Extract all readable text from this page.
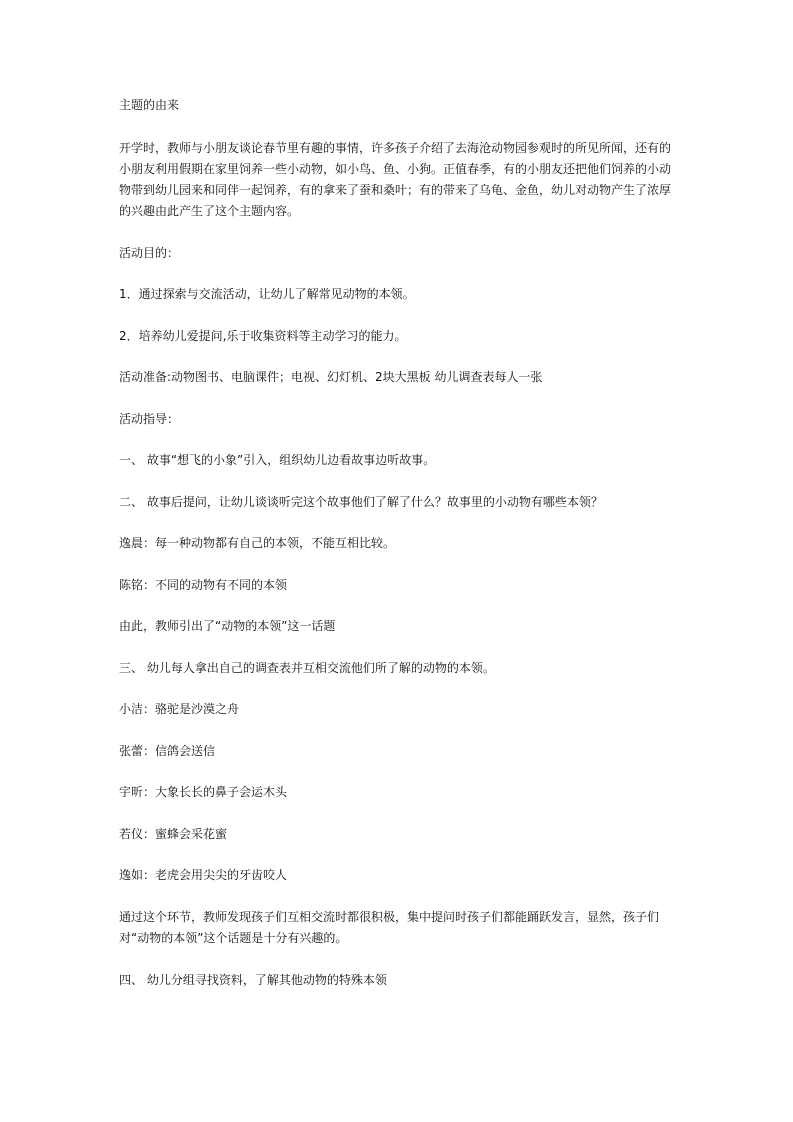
主题的由来

开学时，教师与小朋友谈论春节里有趣的事情，许多孩子介绍了去海沧动物园参观时的所见所闻，还有的小朋友利用假期在家里饲养一些小动物，如小鸟、鱼、小狗。正值春季，有的小朋友还把他们饲养的小动物带到幼儿园来和同伴一起饲养，有的拿来了蚕和桑叶；有的带来了乌龟、金鱼，幼儿对动物产生了浓厚的兴趣由此产生了这个主题内容。

活动目的：

1．通过探索与交流活动，让幼儿了解常见动物的本领。

2．培养幼儿爱提问,乐于收集资料等主动学习的能力。

活动准备:动物图书、电脑课件；电视、幻灯机、2块大黑板 幼儿调查表每人一张

活动指导：

一、 故事“想飞的小象”引入，组织幼儿边看故事边听故事。

二、 故事后提问，让幼儿谈谈听完这个故事他们了解了什么？故事里的小动物有哪些本领？

逸晨：每一种动物都有自己的本领，不能互相比较。

陈铭：不同的动物有不同的本领

由此，教师引出了“动物的本领”这一话题

三、 幼儿每人拿出自己的调查表并互相交流他们所了解的动物的本领。

小洁：骆驼是沙漠之舟

张蕾：信鸽会送信

宇昕：大象长长的鼻子会运木头

若仪：蜜蜂会采花蜜

逸如：老虎会用尖尖的牙齿咬人

通过这个环节，教师发现孩子们互相交流时都很积极，集中提问时孩子们都能踊跃发言，显然，孩子们对“动物的本领”这个话题是十分有兴趣的。

四、 幼儿分组寻找资料，了解其他动物的特殊本领
